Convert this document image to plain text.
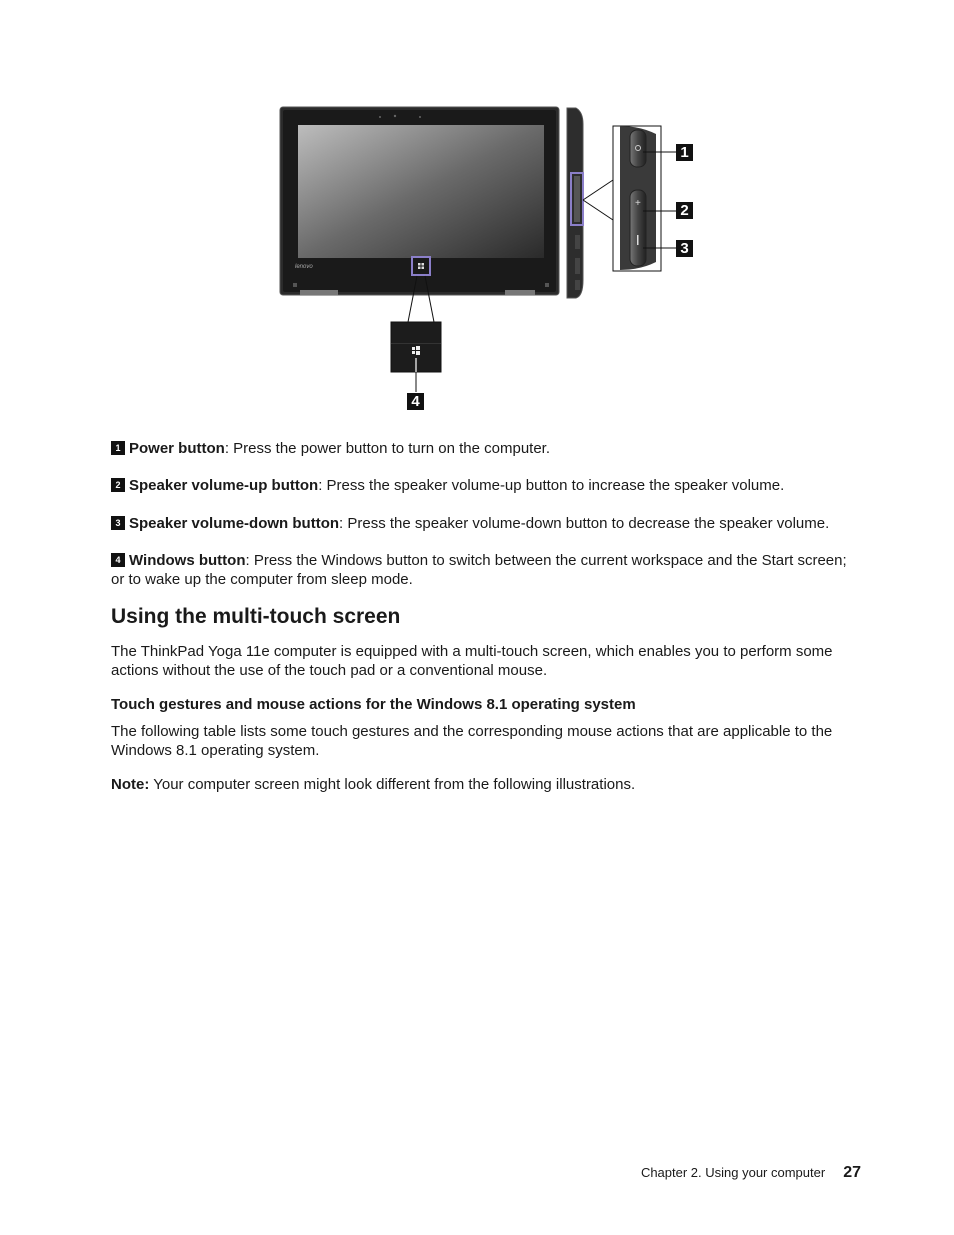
lenovo
+
1
2
3
4

1 Power button: Press the power button to turn on the computer.

2 Speaker volume-up button: Press the speaker volume-up button to increase the speaker volume.

3 Speaker volume-down button: Press the speaker volume-down button to decrease the speaker volume.

4 Windows button: Press the Windows button to switch between the current workspace and the Start screen; or to wake up the computer from sleep mode.

Using the multi-touch screen

The ThinkPad Yoga 11e computer is equipped with a multi-touch screen, which enables you to perform some actions without the use of the touch pad or a conventional mouse.

Touch gestures and mouse actions for the Windows 8.1 operating system

The following table lists some touch gestures and the corresponding mouse actions that are applicable to the Windows 8.1 operating system.

Note: Your computer screen might look different from the following illustrations.

Chapter 2. Using your computer 27
